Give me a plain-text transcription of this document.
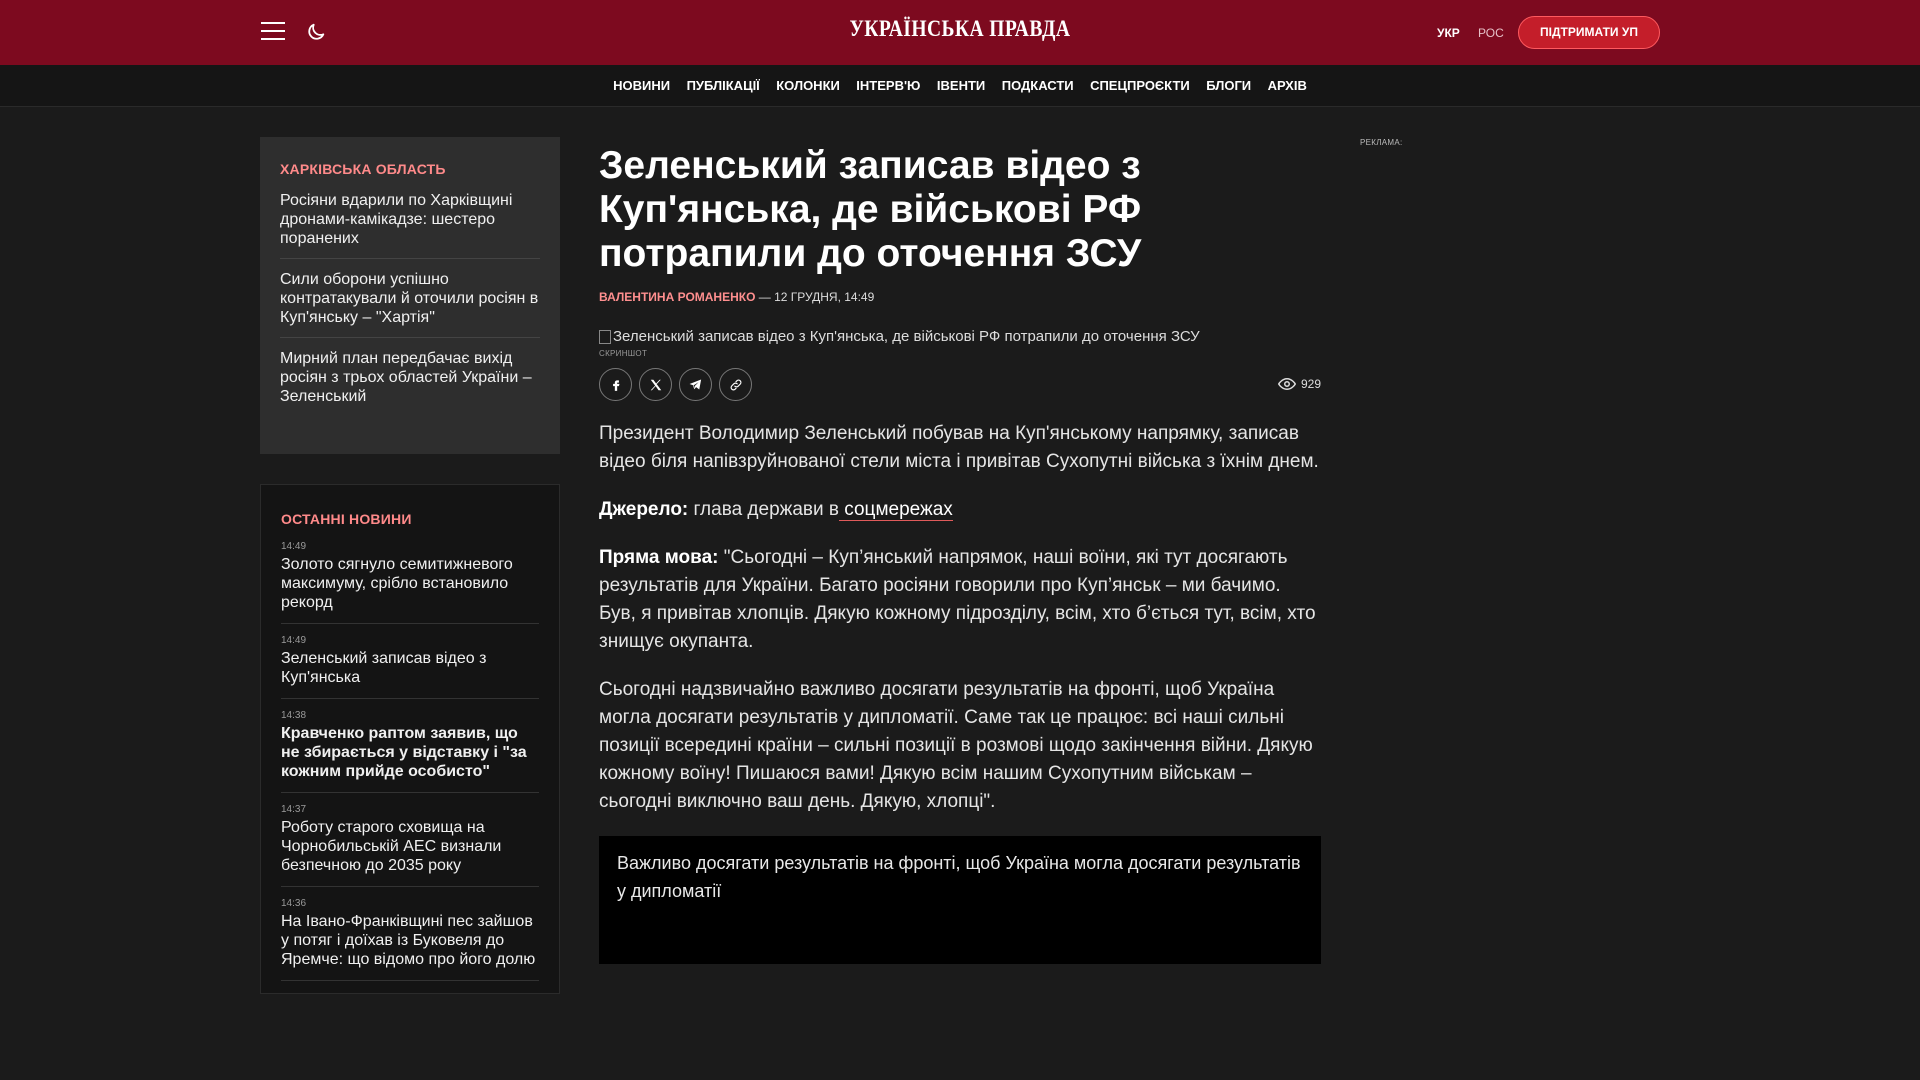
УКРАЇНСЬКА ПРАВДА	УКР РОС	ПІДТРИМАТИ УП
НОВИНИ ПУБЛІКАЦІЇ КОЛОНКИ ІНТЕРВ'Ю ІВЕНТИ ПОДКАСТИ СПЕЦПРОЄКТИ БЛОГИ АРХІВ
ХАРКІВСЬКА ОБЛАСТЬ
Росіяни вдарили по Харківщині дронами-камікадзе: шестеро поранених
Сили оборони успішно контратакували й оточили росіян в Куп'янську – "Хартія"
Мирний план передбачає вихід росіян з трьох областей України – Зеленський
ОСТАННІ НОВИНИ
14:49
Золото сягнуло семитижневого максимуму, срібло встановило рекорд
14:49
Зеленський записав відео з Куп'янська
14:38
Кравченко раптом заявив, що не збирається у відставку і "за кожним прийде особисто"
14:37
Роботу старого сховища на Чорнобильській АЕС визнали безпечною до 2035 року
14:36
На Івано-Франківщині пес зайшов у потяг і доїхав із Буковеля до Яремче: що відомо про його долю
Зеленський записав відео з Куп'янська, де військові РФ потрапили до оточення ЗСУ
ВАЛЕНТИНА РОМАНЕНКО — 12 ГРУДНЯ, 14:49
Зеленський записав відео з Куп'янська, де військові РФ потрапили до оточення ЗСУ
СКРИНШОТ
929

Президент Володимир Зеленський побував на Куп'янському напрямку, записав відео біля напівзруйнованої стели міста і привітав Сухопутні війська з їхнім днем.

Джерело: глава держави в соцмережах

Пряма мова: "Сьогодні – Куп’янський напрямок, наші воїни, які тут досягають результатів для України. Багато росіяни говорили про Куп’янськ – ми бачимо. Був, я привітав хлопців. Дякую кожному підрозділу, всім, хто б’ється тут, всім, хто знищує окупанта.

Сьогодні надзвичайно важливо досягати результатів на фронті, щоб Україна могла досягати результатів у дипломатії. Саме так це працює: всі наші сильні позиції всередині країни – сильні позиції в розмові щодо закінчення війни. Дякую кожному воїну! Пишаюся вами! Дякую всім нашим Сухопутним військам – сьогодні виключно ваш день. Дякую, хлопці".

Важливо досягати результатів на фронті, щоб Україна могла досягати результатів у дипломатії
РЕКЛАМА:
